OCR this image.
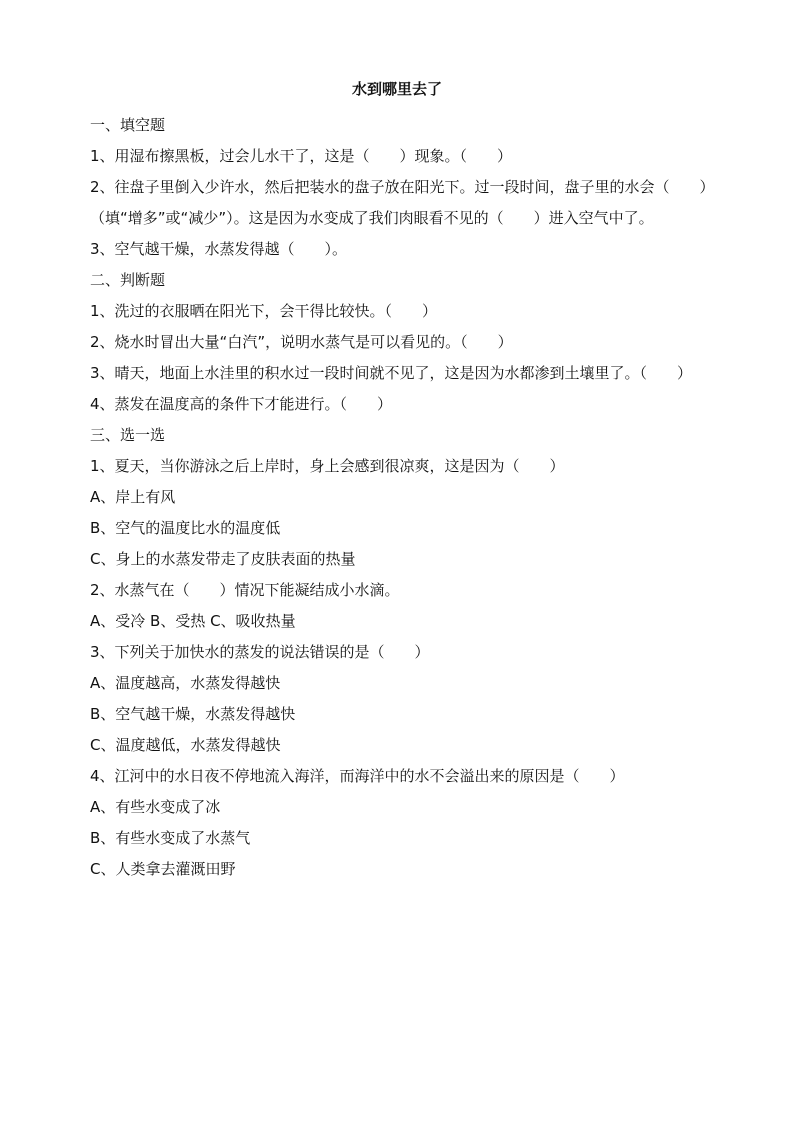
水到哪里去了
一、填空题
1、用湿布擦黑板，过会儿水干了，这是（　　）现象。（　　）
2、往盘子里倒入少许水，然后把装水的盘子放在阳光下。过一段时间，盘子里的水会（　　）（填“增多”或“减少”）。这是因为水变成了我们肉眼看不见的（　　）进入空气中了。
3、空气越干燥，水蒸发得越（　　）。
二、判断题
1、洗过的衣服晒在阳光下，会干得比较快。（　　）
2、烧水时冒出大量“白汽”，说明水蒸气是可以看见的。（　　）
3、晴天，地面上水洼里的积水过一段时间就不见了，这是因为水都渗到土壤里了。（　　）
4、蒸发在温度高的条件下才能进行。（　　）
三、选一选
1、夏天，当你游泳之后上岸时，身上会感到很凉爽，这是因为（　　）
A、岸上有风
B、空气的温度比水的温度低
C、身上的水蒸发带走了皮肤表面的热量
2、水蒸气在（　　）情况下能凝结成小水滴。
A、受冷 B、受热 C、吸收热量
3、下列关于加快水的蒸发的说法错误的是（　　）
A、温度越高，水蒸发得越快
B、空气越干燥，水蒸发得越快
C、温度越低，水蒸发得越快
4、江河中的水日夜不停地流入海洋，而海洋中的水不会溢出来的原因是（　　）
A、有些水变成了冰
B、有些水变成了水蒸气
C、人类拿去灌溉田野
